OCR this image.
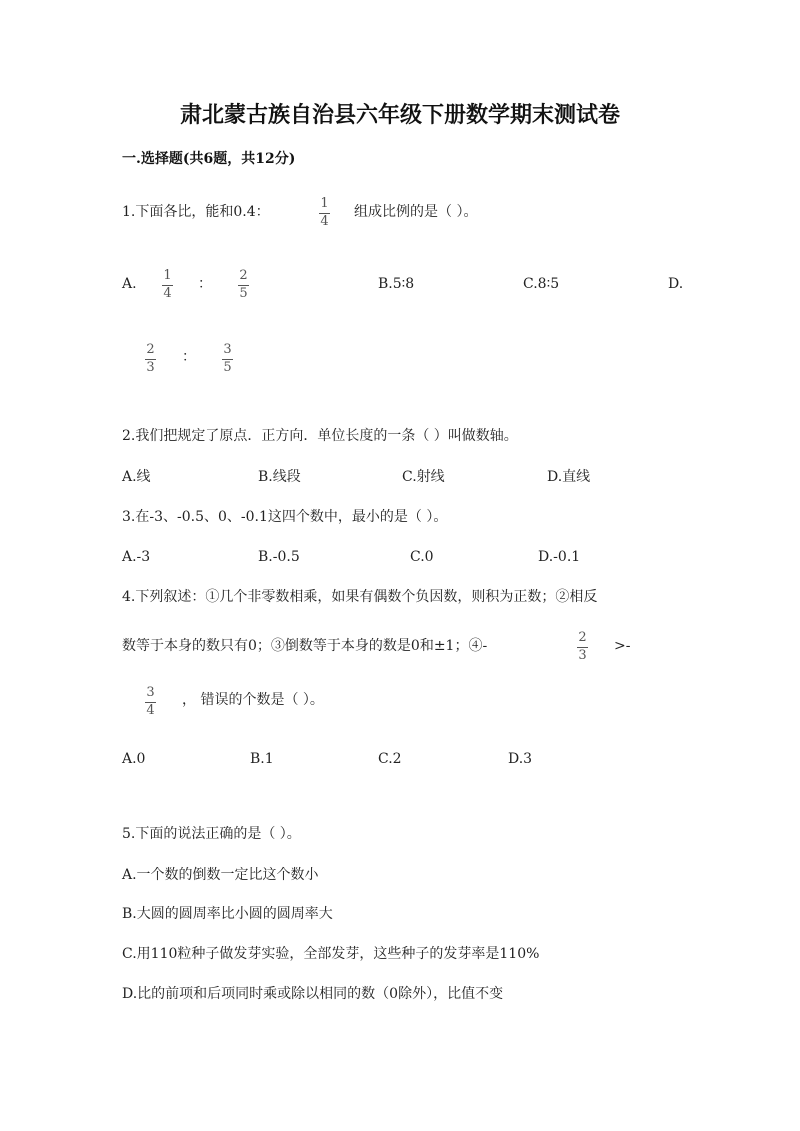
肃北蒙古族自治县六年级下册数学期末测试卷
一.选择题(共6题，共12分)
1.下面各比，能和0.4：
1
4
组成比例的是（ ）。
A.
1
4
：
2
5
B.5∶8	C.8∶5	D.
2
3
： 3
5
2.我们把规定了原点．正方向．单位长度的一条（ ）叫做数轴。
A.线	B.线段	C.射线	D.直线
3.在-3、-0.5、0、-0.1这四个数中，最小的是（ ）。
A.-3	B.-0.5	C.0	D.-0.1
4.下列叙述：①几个非零数相乘，如果有偶数个负因数，则积为正数；②相反
数等于本身的数只有0；③倒数等于本身的数是0和±1；④-
2
3
>-
3
4
， 错误的个数是（ ）。
A.0	B.1	C.2	D.3
5.下面的说法正确的是（ ）。
A.一个数的倒数一定比这个数小
B.大圆的圆周率比小圆的圆周率大
C.用110粒种子做发芽实验，全部发芽，这些种子的发芽率是110%
D.比的前项和后项同时乘或除以相同的数（0除外），比值不变
